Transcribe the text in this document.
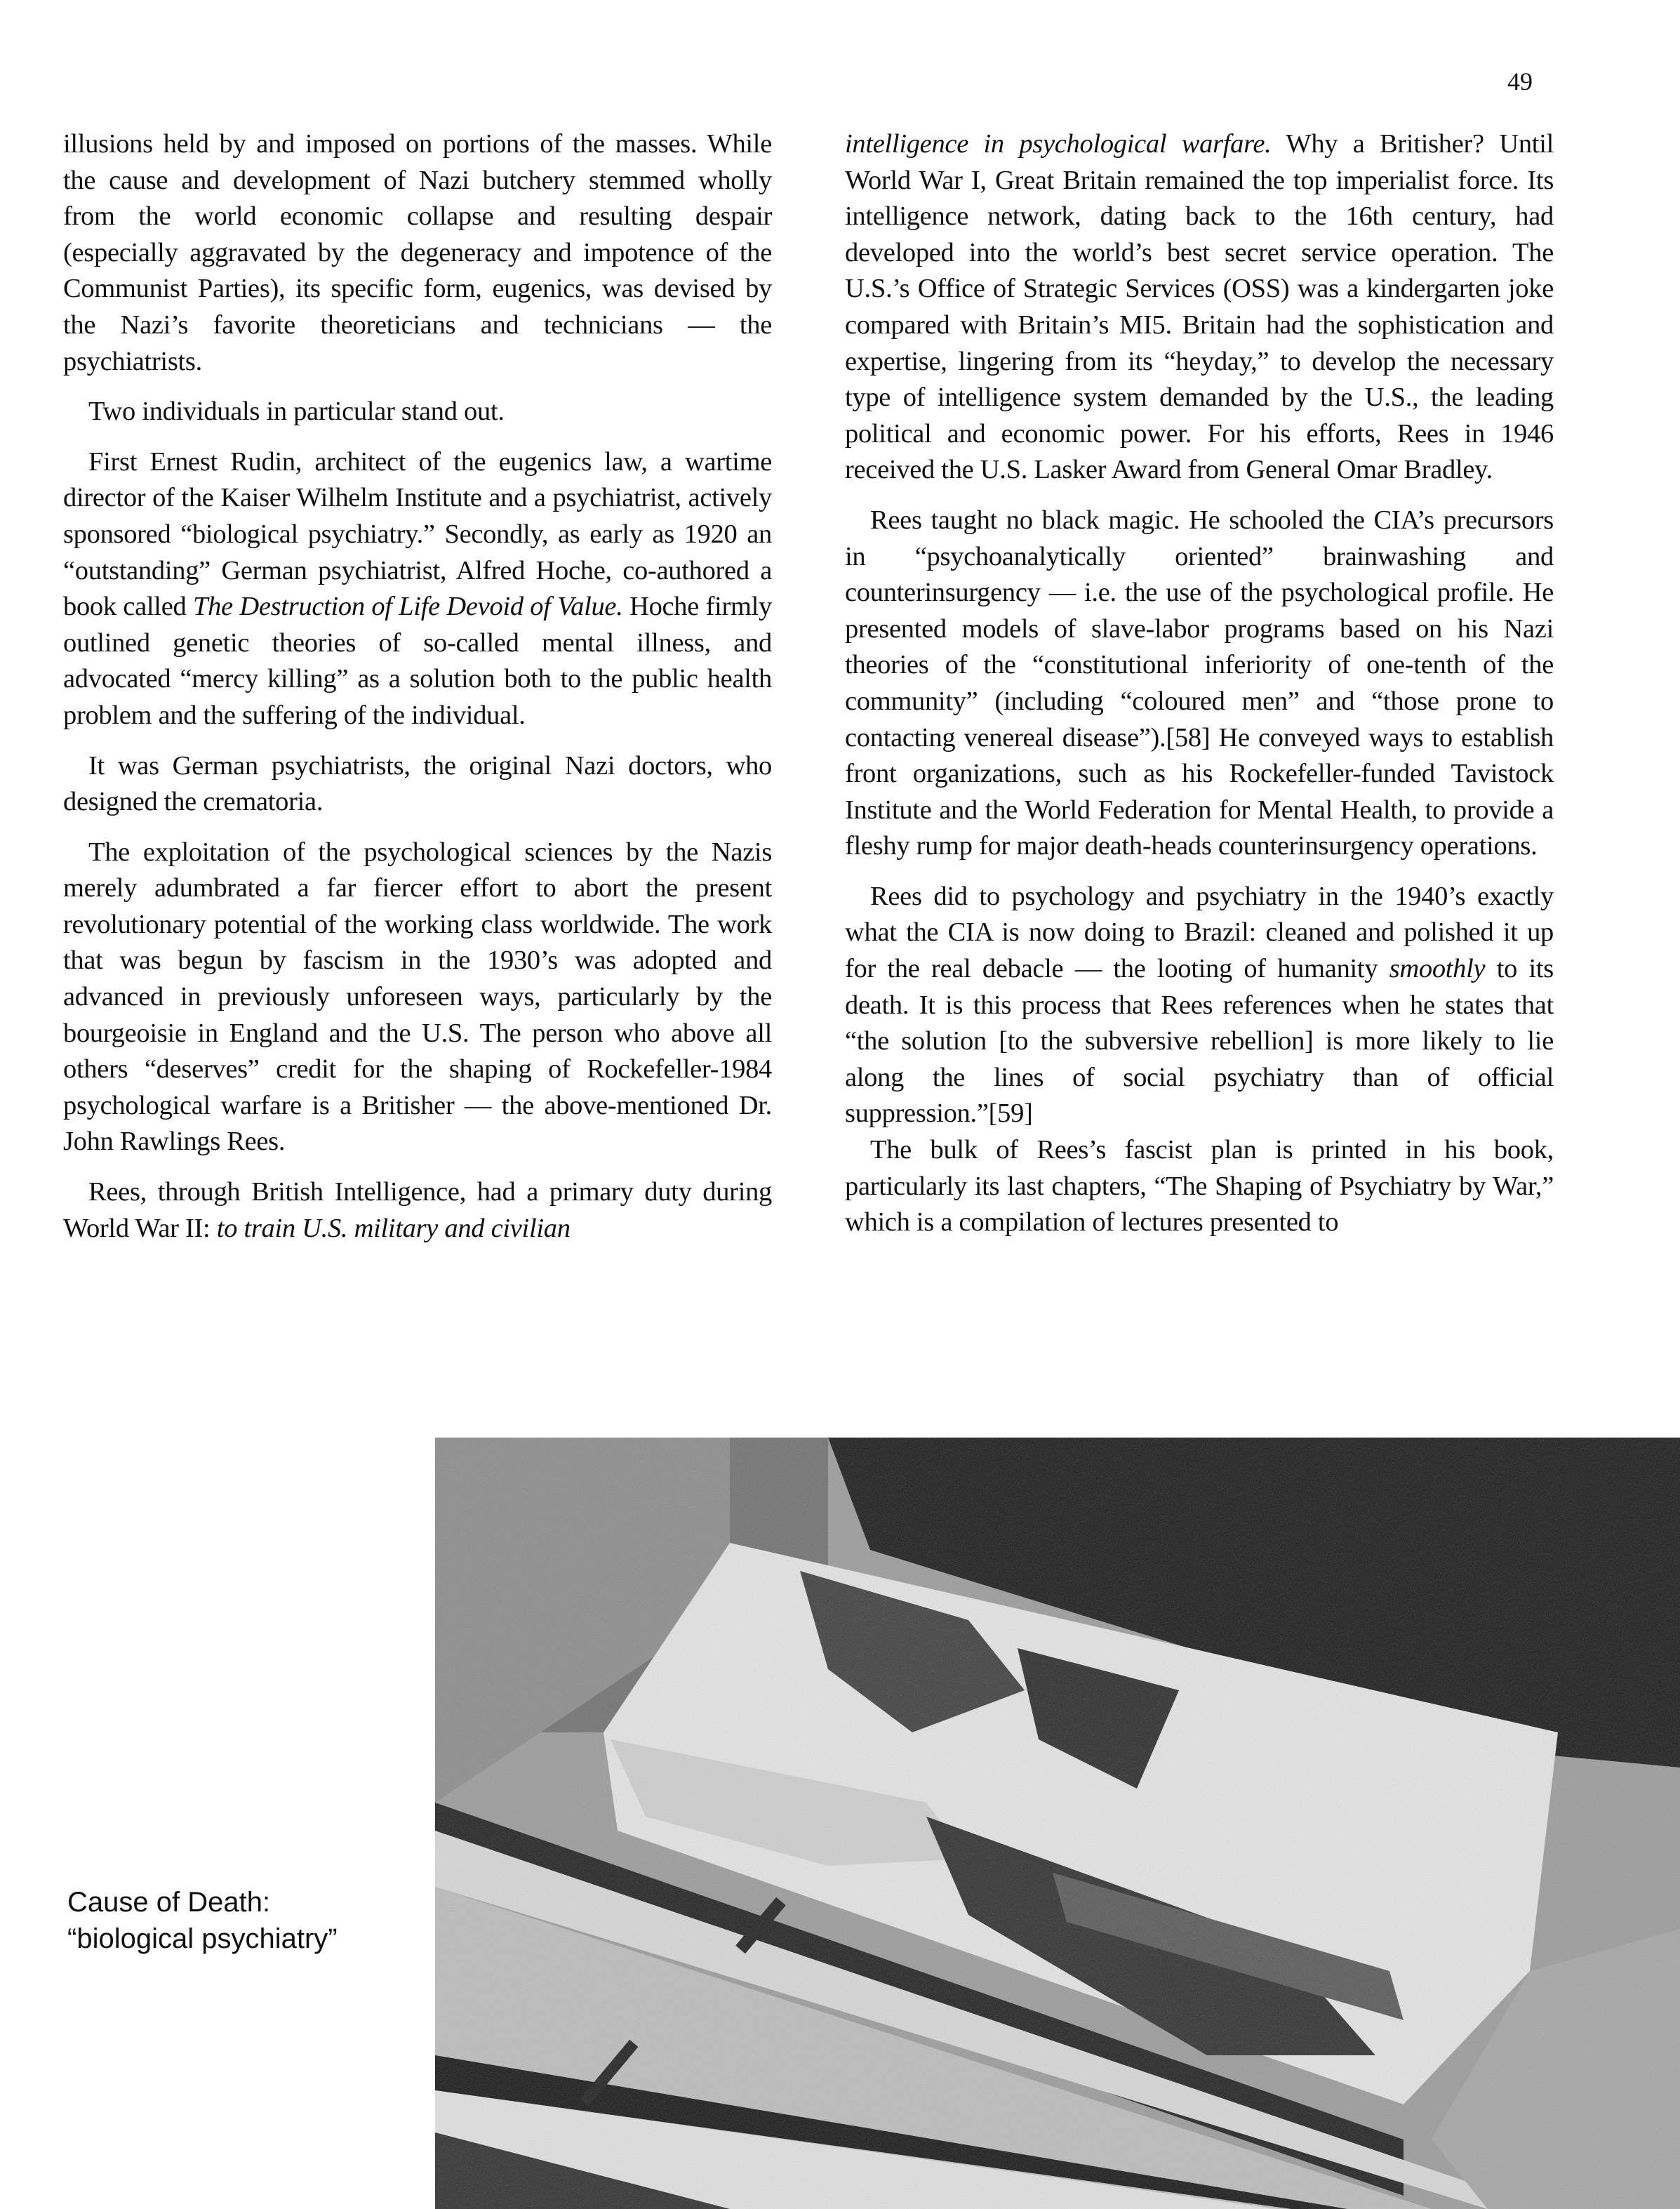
49

illusions held by and imposed on portions of the masses. While the cause and development of Nazi butchery stemmed wholly from the world economic collapse and resulting despair (especially aggravated by the degeneracy and impotence of the Communist Parties), its specific form, eugenics, was devised by the Nazi’s favorite theoreticians and technicians — the psychiatrists.

Two individuals in particular stand out.

First Ernest Rudin, architect of the eugenics law, a wartime director of the Kaiser Wilhelm Institute and a psychiatrist, actively sponsored “biological psychiatry.” Secondly, as early as 1920 an “outstanding” German psychiatrist, Alfred Hoche, co-authored a book called The Destruction of Life Devoid of Value. Hoche firmly outlined genetic theories of so-called mental illness, and advocated “mercy killing” as a solution both to the public health problem and the suffering of the individual.

It was German psychiatrists, the original Nazi doctors, who designed the crematoria.

The exploitation of the psychological sciences by the Nazis merely adumbrated a far fiercer effort to abort the present revolutionary potential of the working class worldwide. The work that was begun by fascism in the 1930’s was adopted and advanced in previously unforeseen ways, particularly by the bourgeoisie in England and the U.S. The person who above all others “deserves” credit for the shaping of Rockefeller-1984 psychological warfare is a Britisher — the above-mentioned Dr. John Rawlings Rees.

Rees, through British Intelligence, had a primary duty during World War II: to train U.S. military and civilian

intelligence in psychological warfare. Why a Britisher? Until World War I, Great Britain remained the top imperialist force. Its intelligence network, dating back to the 16th century, had developed into the world’s best secret service operation. The U.S.’s Office of Strategic Services (OSS) was a kindergarten joke compared with Britain’s MI5. Britain had the sophistication and expertise, lingering from its “heyday,” to develop the necessary type of intelligence system demanded by the U.S., the leading political and economic power. For his efforts, Rees in 1946 received the U.S. Lasker Award from General Omar Bradley.

Rees taught no black magic. He schooled the CIA’s precursors in “psychoanalytically oriented” brainwashing and counterinsurgency — i.e. the use of the psychological profile. He presented models of slave-labor programs based on his Nazi theories of the “constitutional inferiority of one-tenth of the community” (including “coloured men” and “those prone to contacting venereal disease”).[58] He conveyed ways to establish front organizations, such as his Rockefeller-funded Tavistock Institute and the World Federation for Mental Health, to provide a fleshy rump for major death-heads counterinsurgency operations.

Rees did to psychology and psychiatry in the 1940’s exactly what the CIA is now doing to Brazil: cleaned and polished it up for the real debacle — the looting of humanity smoothly to its death. It is this process that Rees references when he states that “the solution [to the subversive rebellion] is more likely to lie along the lines of social psychiatry than of official suppression.”[59]

The bulk of Rees’s fascist plan is printed in his book, particularly its last chapters, “The Shaping of Psychiatry by War,” which is a compilation of lectures presented to

Cause of Death:
“biological psychiatry”
